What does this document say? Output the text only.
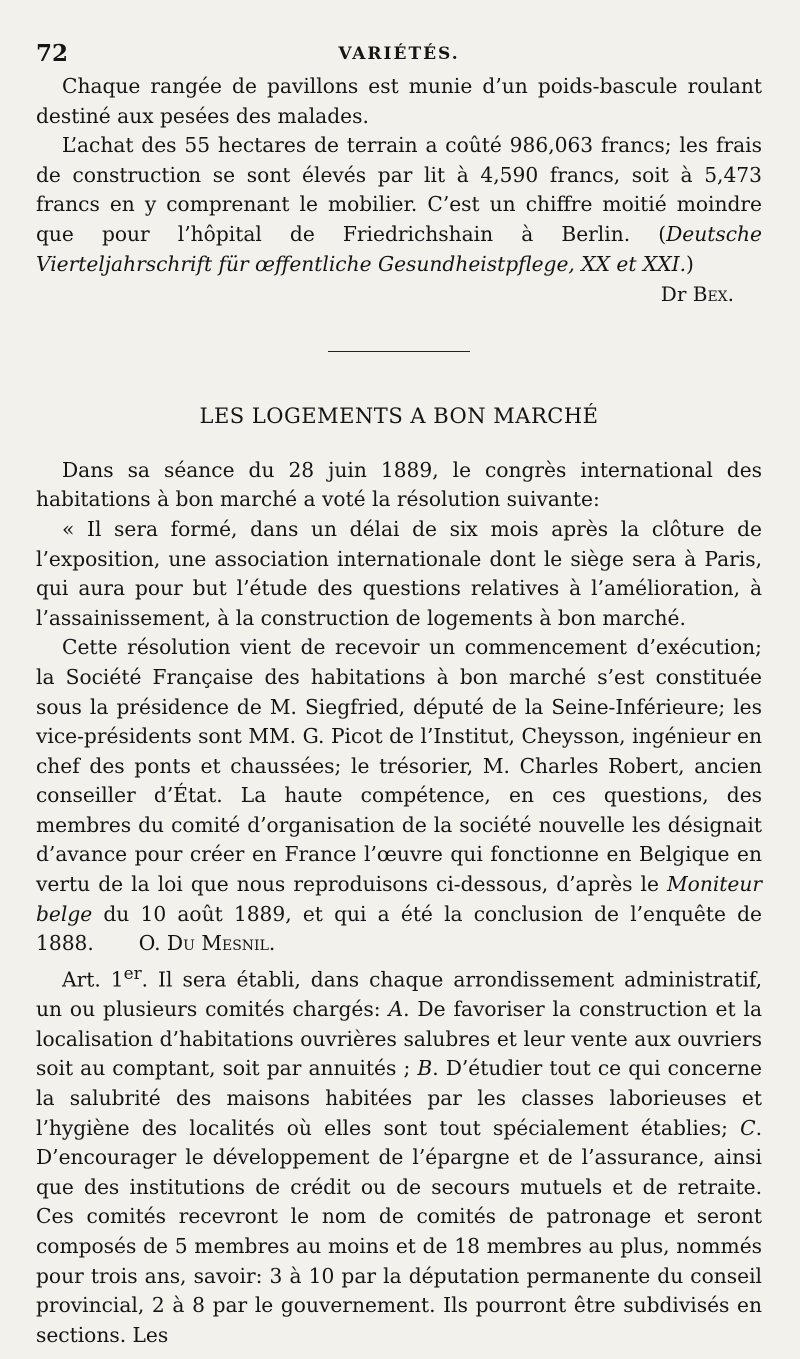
72	VARIÉTÉS.

Chaque rangée de pavillons est munie d’un poids-bascule roulant destiné aux pesées des malades.

L’achat des 55 hectares de terrain a coûté 986,063 francs; les frais de construction se sont élevés par lit à 4,590 francs, soit à 5,473 francs en y comprenant le mobilier. C’est un chiffre moitié moindre que pour l’hôpital de Friedrichshain à Berlin. (Deutsche Vierteljahrschrift für œffentliche Gesundheistpflege, XX et XXI.)

Dr Bex.
LES LOGEMENTS A BON MARCHÉ

Dans sa séance du 28 juin 1889, le congrès international des habitations à bon marché a voté la résolution suivante:

« Il sera formé, dans un délai de six mois après la clôture de l’exposition, une association internationale dont le siège sera à Paris, qui aura pour but l’étude des questions relatives à l’amélioration, à l’assainissement, à la construction de logements à bon marché.

Cette résolution vient de recevoir un commencement d’exécution; la Société Française des habitations à bon marché s’est constituée sous la présidence de M. Siegfried, député de la Seine-Inférieure; les vice-présidents sont MM. G. Picot de l’Institut, Cheysson, ingénieur en chef des ponts et chaussées; le trésorier, M. Charles Robert, ancien conseiller d’État. La haute compétence, en ces questions, des membres du comité d’organisation de la société nouvelle les désignait d’avance pour créer en France l’œuvre qui fonctionne en Belgique en vertu de la loi que nous reproduisons ci-dessous, d’après le Moniteur belge du 10 août 1889, et qui a été la conclusion de l’enquête de 1888. O. Du Mesnil.

Art. 1er. Il sera établi, dans chaque arrondissement administratif, un ou plusieurs comités chargés: A. De favoriser la construction et la localisation d’habitations ouvrières salubres et leur vente aux ouvriers soit au comptant, soit par annuités ; B. D’étudier tout ce qui concerne la salubrité des maisons habitées par les classes laborieuses et l’hygiène des localités où elles sont tout spécialement établies; C. D’encourager le développement de l’épargne et de l’assurance, ainsi que des institutions de crédit ou de secours mutuels et de retraite. Ces comités recevront le nom de comités de patronage et seront composés de 5 membres au moins et de 18 membres au plus, nommés pour trois ans, savoir: 3 à 10 par la députation permanente du conseil provincial, 2 à 8 par le gouvernement. Ils pourront être subdivisés en sections. Les
